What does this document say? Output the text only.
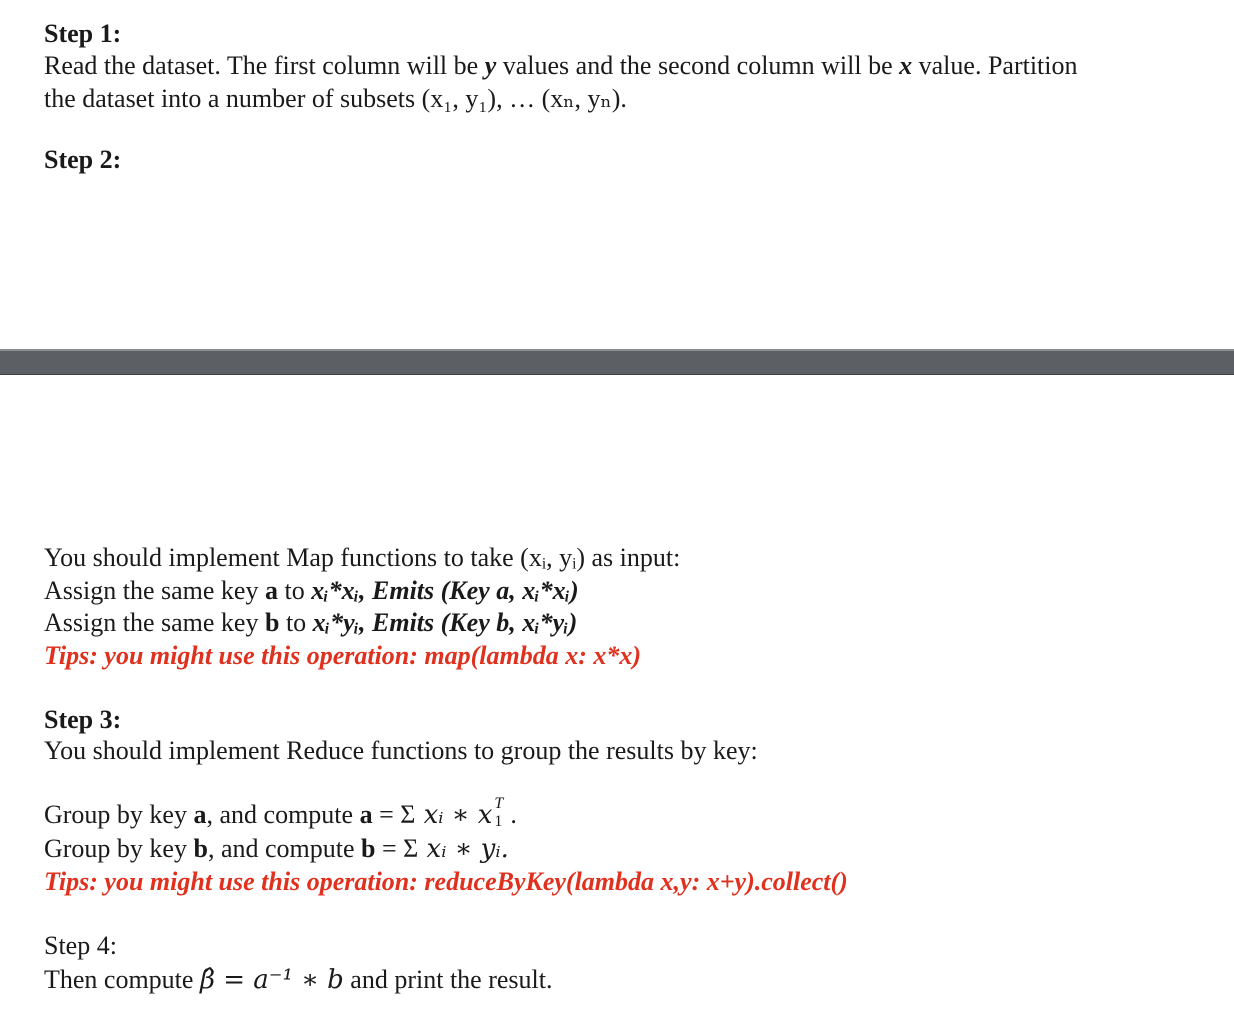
Step 1:
Read the dataset. The first column will be y values and the second column will be x value. Partition
the dataset into a number of subsets (x₁, y₁), … (xₙ, yₙ).
Step 2:
You should implement Map functions to take (xᵢ, yᵢ) as input:
Assign the same key a to xᵢ*xᵢ, Emits (Key a, xᵢ*xᵢ)
Assign the same key b to xᵢ*yᵢ, Emits (Key b, xᵢ*yᵢ)
Tips: you might use this operation: map(lambda x: x*x)
Step 3:
You should implement Reduce functions to group the results by key:
Group by key a, and compute a = Σ xᵢ ∗ x T
1 .
Group by key b, and compute b = Σ xᵢ ∗ yᵢ.
Tips: you might use this operation: reduceByKey(lambda x,y: x+y).collect()
Step 4:
Then compute β̂ = a⁻¹ ∗ b and print the result.
